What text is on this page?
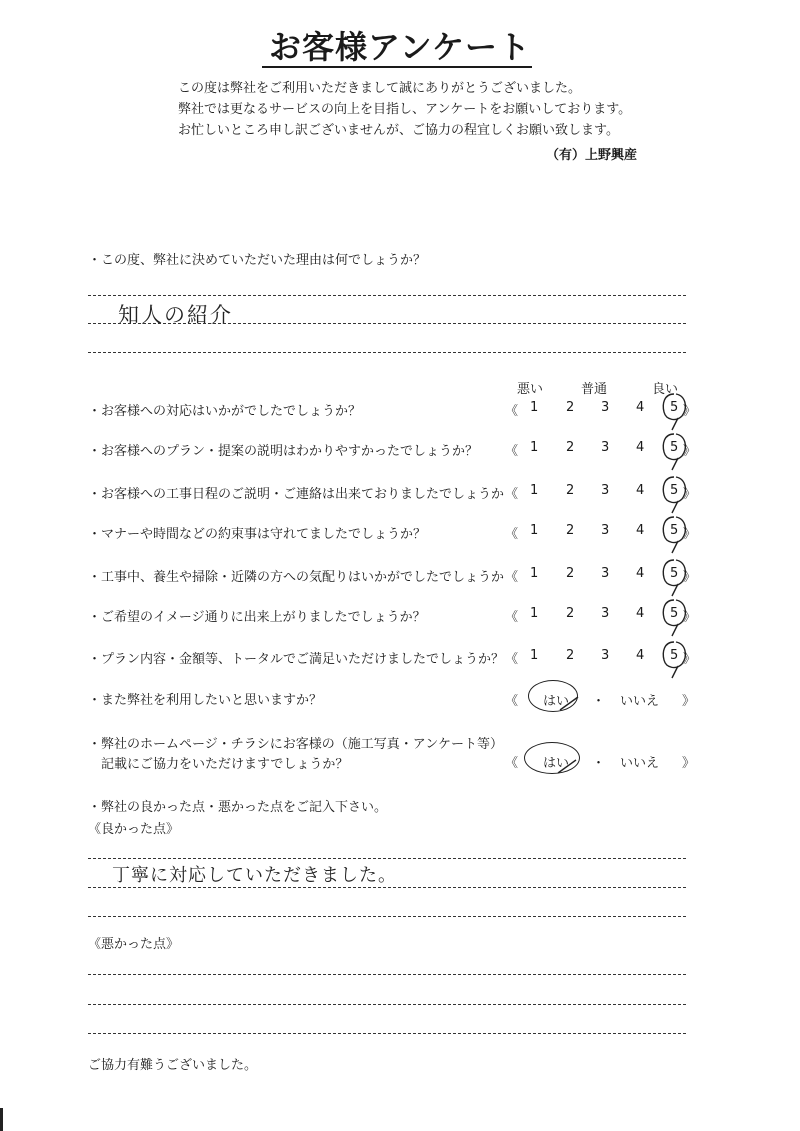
お客様アンケート
この度は弊社をご利用いただきまして誠にありがとうございました。
弊社では更なるサービスの向上を目指し、アンケートをお願いしております。
お忙しいところ申し訳ございませんが、ご協力の程宜しくお願い致します。
（有）上野興産
・この度、弊社に決めていただいた理由は何でしょうか？
知人の紹介
悪い	普通	良い
・お客様への対応はいかがでしたでしょうか？	《 1 2 3 4 5 》
・お客様へのプラン・提案の説明はわかりやすかったでしょうか？ 《 1 2 3 4 5 》
・お客様への工事日程のご説明・ご連絡は出来ておりましたでしょうか 《 1 2 3 4 5 》
・マナーや時間などの約束事は守れてましたでしょうか？	《 1 2 3 4 5 》
・工事中、養生や掃除・近隣の方への気配りはいかがでしたでしょうか 《 1 2 3 4 5 》
・ご希望のイメージ通りに出来上がりましたでしょうか？	《 1 2 3 4 5 》
・プラン内容・金額等、トータルでご満足いただけましたでしょうか？ 《 1 2 3 4 5 》
・また弊社を利用したいと思いますか？	《 はい ・ いいえ 》
・弊社のホームページ・チラシにお客様の（施工写真・アンケート等）
　記載にご協力をいただけますでしょうか？	《 はい ・ いいえ 》
・弊社の良かった点・悪かった点をご記入下さい。
《良かった点》
丁寧に対応していただきました。
《悪かった点》
ご協力有難うございました。
